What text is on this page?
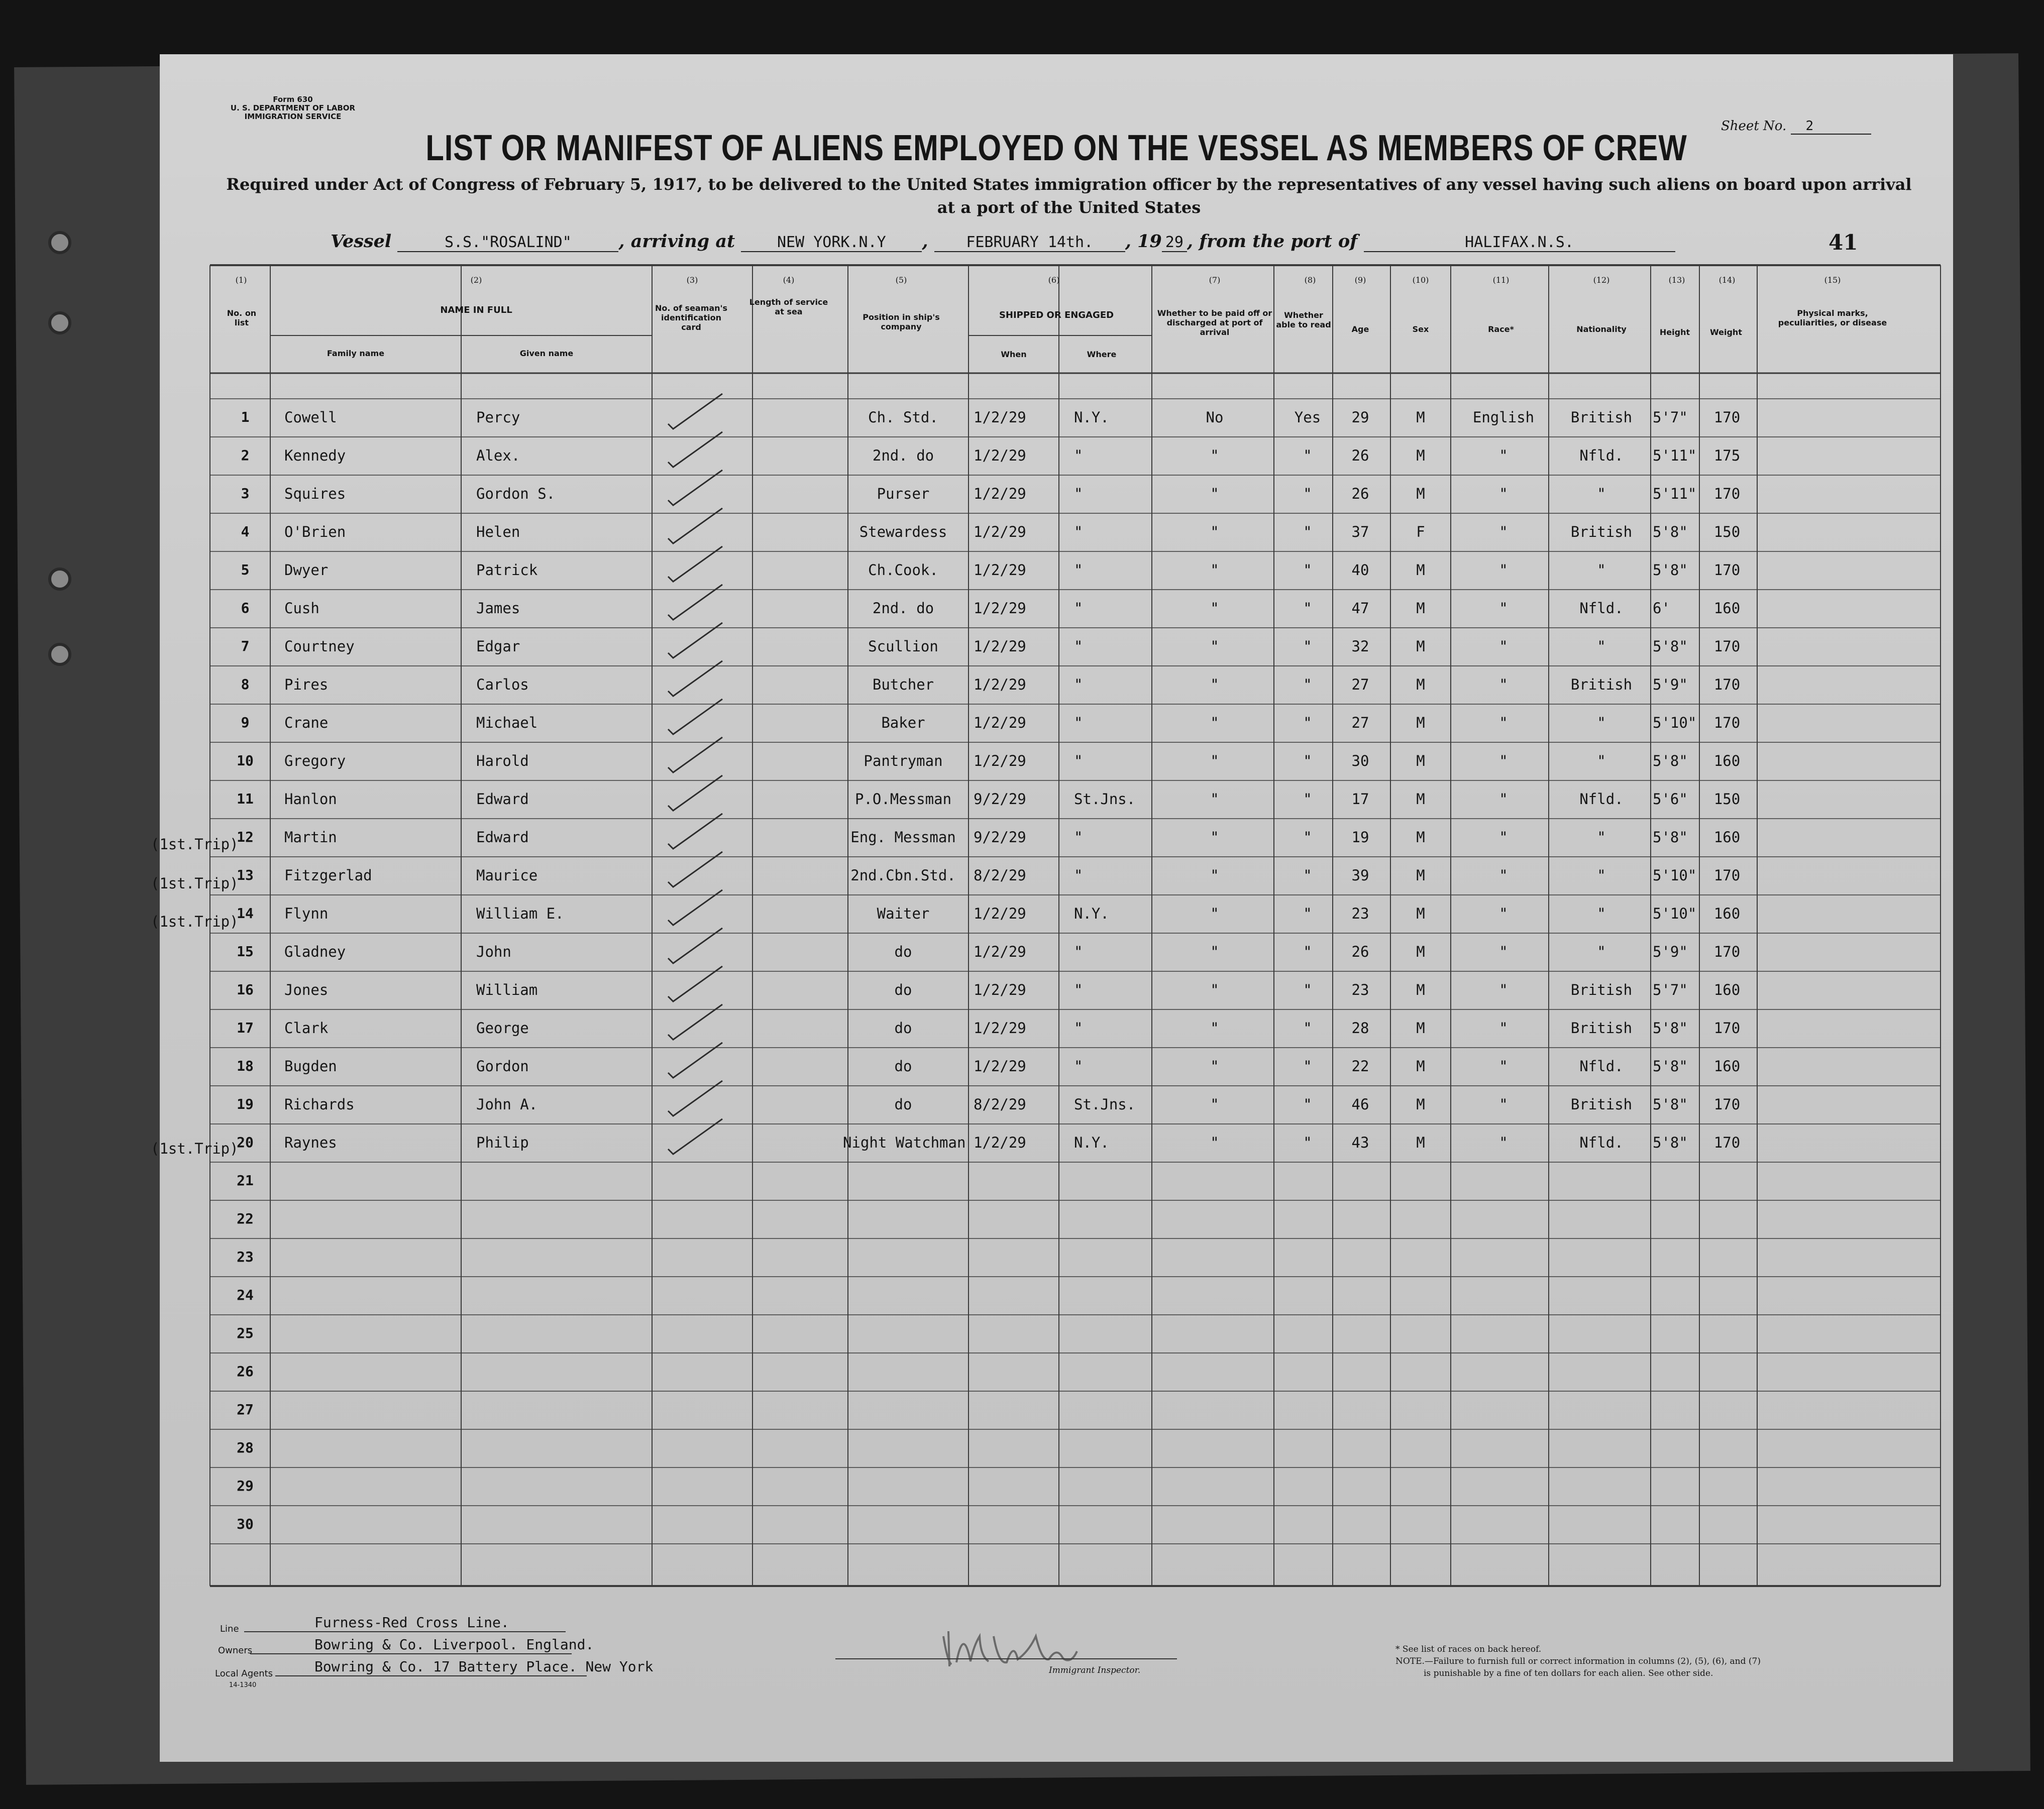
Form 630
U. S. DEPARTMENT OF LABOR
IMMIGRATION SERVICE
Sheet No. 2
LIST OR MANIFEST OF ALIENS EMPLOYED ON THE VESSEL AS MEMBERS OF CREW
Required under Act of Congress of February 5, 1917, to be delivered to the United States immigration officer by the representatives of any vessel having such aliens on board upon arrival at a port of the United States
Vessel	S.S."ROSALIND"	, arriving at	NEW YORK.N.Y , FEBRUARY 14th. , 19 29 , from the port of	HALIFAX.N.S.	41
(1)	(2)	(3)	(4)	(5)	(6)	(7)	(8)	(9)	(10)	(11)	(12)	(13)	(14)	(15)
No. on list
NAME IN FULL
Family name	Given name
No. of seaman's identification card
Length of service at sea
Position in ship's company
SHIPPED OR ENGAGED
When	Where
Whether to be paid off or discharged at port of arrival
Whether able to read	Age	Sex	Race*	Nationality	Height	Weight
Physical marks, peculiarities, or disease
1	Cowell	Percy	Ch. Std.	1/2/29	N.Y.	No	Yes	29	M	English	British	5'7"	170
2	Kennedy	Alex.	2nd. do	1/2/29	"	"	"	26	M	"	Nfld.	5'11"	175
3	Squires	Gordon S.	Purser	1/2/29	"	"	"	26	M	"	"	5'11"	170
4	O'Brien	Helen	Stewardess	1/2/29	"	"	"	37	F	"	British	5'8"	150
5	Dwyer	Patrick	Ch.Cook.	1/2/29	"	"	"	40	M	"	"	5'8"	170
6	Cush	James	2nd. do	1/2/29	"	"	"	47	M	"	Nfld.	6'	160
7	Courtney	Edgar	Scullion	1/2/29	"	"	"	32	M	"	"	5'8"	170
8	Pires	Carlos	Butcher	1/2/29	"	"	"	27	M	"	British	5'9"	170
9	Crane	Michael	Baker	1/2/29	"	"	"	27	M	"	"	5'10"	170
10	Gregory	Harold	Pantryman	1/2/29	"	"	"	30	M	"	"	5'8"	160
11	Hanlon	Edward	P.O.Messman	9/2/29	St.Jns.	"	"	17	M	"	Nfld.	5'6"	150
12	Martin	Edward	Eng. Messman	9/2/29	"	"	"	19	M	"	"	5'8"	160
13	Fitzgerlad	Maurice	2nd.Cbn.Std.	8/2/29	"	"	"	39	M	"	"	5'10"	170
14	Flynn	William E.	Waiter	1/2/29	N.Y.	"	"	23	M	"	"	5'10"	160
15	Gladney	John	do	1/2/29	"	"	"	26	M	"	"	5'9"	170
16	Jones	William	do	1/2/29	"	"	"	23	M	"	British	5'7"	160
17	Clark	George	do	1/2/29	"	"	"	28	M	"	British	5'8"	170
18	Bugden	Gordon	do	1/2/29	"	"	"	22	M	"	Nfld.	5'8"	160
19	Richards	John A.	do	8/2/29	St.Jns.	"	"	46	M	"	British	5'8"	170
20	Raynes	Philip	Night Watchman 1/2/29	N.Y.	"	"	43	M	"	Nfld.	5'8"	170
21
22
23
24
25
26
27
28
29
30
(1st.Trip)
(1st.Trip)
(1st.Trip)
(1st.Trip)
Line	Furness-Red Cross Line.
Owners	Bowring & Co. Liverpool. England.
Local Agents	Bowring & Co. 17 Battery Place. New York
14-1340
Immigrant Inspector.
* See list of races on back hereof.
NOTE.—Failure to furnish full or correct information in columns (2), (5), (6), and (7)
is punishable by a fine of ten dollars for each alien. See other side.
